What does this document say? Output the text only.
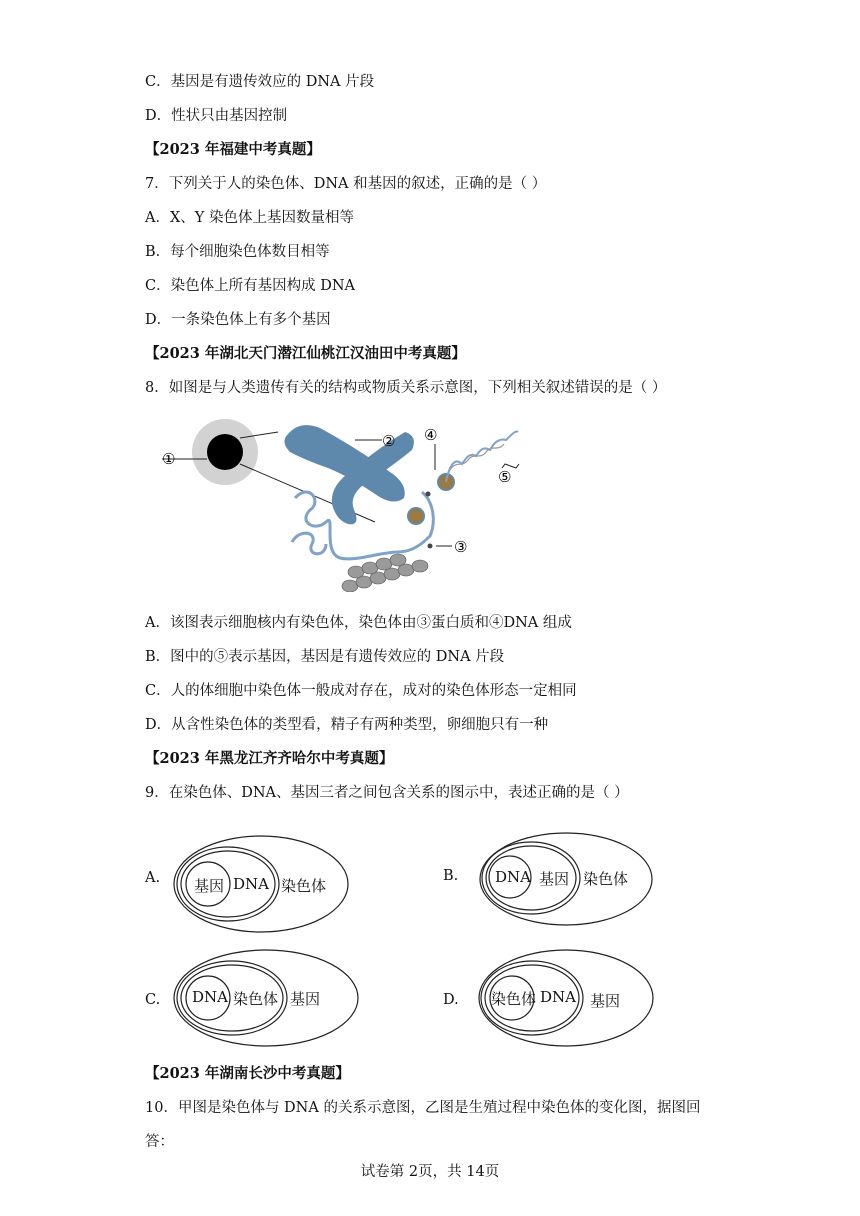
C．基因是有遗传效应的 DNA 片段
D．性状只由基因控制
【2023 年福建中考真题】
7．下列关于人的染色体、DNA 和基因的叙述，正确的是（ ）
A．X、Y 染色体上基因数量相等
B．每个细胞染色体数目相等
C．染色体上所有基因构成 DNA
D．一条染色体上有多个基因
【2023 年湖北天门潜江仙桃江汉油田中考真题】
8．如图是与人类遗传有关的结构或物质关系示意图，下列相关叙述错误的是（ ）
①
②
③
④
⑤
A．该图表示细胞核内有染色体，染色体由③蛋白质和④DNA 组成
B．图中的⑤表示基因，基因是有遗传效应的 DNA 片段
C．人的体细胞中染色体一般成对存在，成对的染色体形态一定相同
D．从含性染色体的类型看，精子有两种类型，卵细胞只有一种
【2023 年黑龙江齐齐哈尔中考真题】
9．在染色体、DNA、基因三者之间包含关系的图示中，表述正确的是（ ）
A. 基因 DNA 染色体
B. DNA 基因 染色体
C. DNA 染色体 基因	D. 染色体 DNA 基因
【2023 年湖南长沙中考真题】
10．甲图是染色体与 DNA 的关系示意图，乙图是生殖过程中染色体的变化图，据图回
答：
试卷第 2页，共 14页
